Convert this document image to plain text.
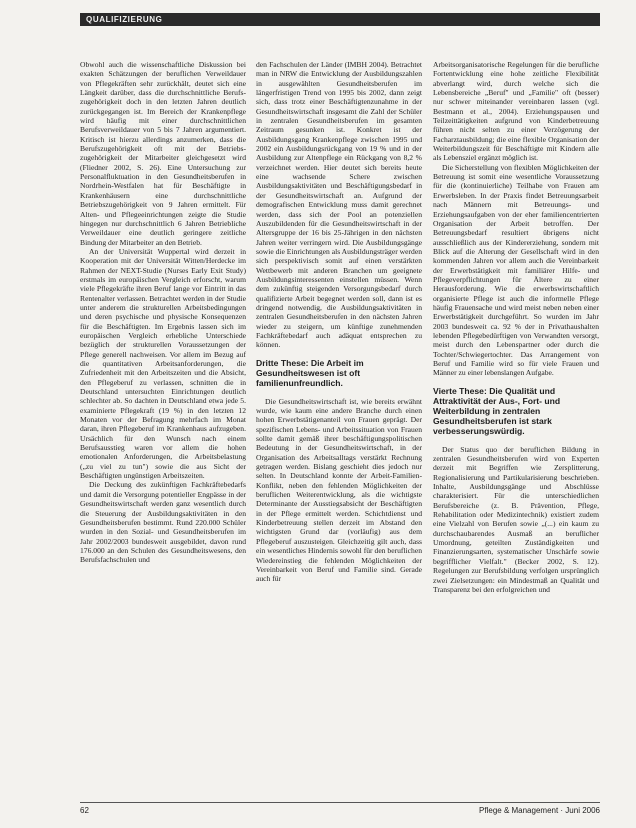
QUALIFIZIERUNG

Obwohl auch die wissenschaftliche Diskussion bei exakten Schätzungen der beruflichen Verweildauer von Pflegekräften sehr zurückhält, deutet sich eine Längkeit darüber, dass die durchschnittliche Berufs-zugehörigkeit doch in den letzten Jahren deutlich zurückgegangen ist. Im Bereich der Krankenpflege wird häufig mit einer durchschnittlichen Berufsverweildauer von 5 bis 7 Jahren argumentiert. Kritisch ist hierzu allerdings anzumerken, dass die Berufszugehörigkeit oft mit der Betriebs-zugehörigkeit der Mitarbeiter gleichgesetzt wird (Fliedner 2002, S. 26). Eine Untersuchung zur Personalfluktuation in den Gesundheitsberufen in Nordrhein-Westfalen hat für Beschäftigte in Krankenhäusern eine durchschnittliche Betriebszugehörigkeit von 9 Jahren ermittelt. Für Alten- und Pflegeeinrichtungen zeigte die Studie hingegen nur durchschnittlich 6 Jahren Betriebliche Verweildauer eine deutlich geringere zeitliche Bindung der Mitarbeiter an den Betrieb.

An der Universität Wuppertal wird derzeit in Kooperation mit der Universität Witten/Herdecke im Rahmen der NEXT-Studie (Nurses Early Exit Study) erstmals im europäischen Vergleich erforscht, warum viele Pflegekräfte ihren Beruf lange vor Eintritt in das Rentenalter verlassen. Betrachtet werden in der Studie unter anderem die strukturellen Arbeitsbedingungen und deren psychische und physische Konsequenzen für die Beschäftigten. Im Ergebnis lassen sich im europäischen Vergleich erhebliche Unterschiede bezüglich der strukturellen Voraussetzungen der Pflege generell nachweisen. Vor allem im Bezug auf die quantitativen Arbeitsanforderungen, die Zufriedenheit mit den Arbeitszeiten und die Absicht, den Pflegeberuf zu verlassen, schnitten die in Deutschland untersuchten Einrichtungen deutlich schlechter ab. So dachten in Deutschland etwa jede 5. examinierte Pflegekraft (19 %) in den letzten 12 Monaten vor der Befragung mehrfach im Monat daran, ihren Pflegeberuf im Krankenhaus aufzugeben. Ursächlich für den Wunsch nach einem Berufsausstieg waren vor allem die hohen emotionalen Anforderungen, die Arbeitsbelastung („zu viel zu tun") sowie die aus Sicht der Beschäftigten ungünstigen Arbeitszeiten.

Die Deckung des zukünftigen Fachkräftebedarfs und damit die Versorgung potentieller Engpässe in der Gesundheitswirtschaft werden ganz wesentlich durch die Steuerung der Ausbildungsaktivitäten in den Gesundheitsberufen bestimmt. Rund 220.000 Schüler wurden in den Sozial- und Gesundheitsberufen im Jahr 2002/2003 bundesweit ausgebildet, davon rund 176.000 an den Schulen des Gesundheitswesens, den Berufsfachschulen und

den Fachschulen der Länder (IMBH 2004). Betrachtet man in NRW die Entwicklung der Ausbildungszahlen in ausgewählten Gesundheitsberufen im längerfristigen Trend von 1995 bis 2002, dann zeigt sich, dass trotz einer Beschäftigtenzunahme in der Gesundheitswirtschaft insgesamt die Zahl der Schüler in zentralen Gesundheitsberufen im gesamten Zeitraum gesunken ist. Konkret ist der Ausbildungsgang Krankenpflege zwischen 1995 und 2002 ein Ausbildungsrückgang von 19 % und in der Ausbildung zur Altenpflege ein Rückgang von 8,2 % verzeichnet werden. Hier deutet sich bereits heute eine wachsende Schere zwischen Ausbildungsaktivitäten und Beschäftigungsbedarf in der Gesundheitswirtschaft an. Aufgrund der demografischen Entwicklung muss damit gerechnet werden, dass sich der Pool an potenziellen Auszubildenden für die Gesundheitswirtschaft in der Altersgruppe der 16 bis 25-Jährigen in den nächsten Jahren weiter verringern wird. Die Ausbildungsgänge sowie die Einrichtungen als Ausbildungsträger werden sich perspektivisch somit auf einen verstärkten Wettbewerb mit anderen Branchen um geeignete Ausbildungsinteressenten einstellen müssen. Wenn dem zukünftig steigenden Versorgungsbedarf durch qualifizierte Arbeit begegnet werden soll, dann ist es dringend notwendig, die Ausbildungsaktivitäten in zentralen Gesundheitsberufen in den nächsten Jahren wieder zu steigern, um künftige zunehmenden Fachkräftebedarf auch adäquat entsprechen zu können.

Dritte These: Die Arbeit im Gesundheitswesen ist oft familienunfreundlich.

Die Gesundheitswirtschaft ist, wie bereits erwähnt wurde, wie kaum eine andere Branche durch einen hohen Erwerbstätigenanteil von Frauen geprägt. Der spezifischen Lebens- und Arbeitssituation von Frauen sollte damit gemäß ihrer beschäftigungspolitischen Bedeutung in der Gesundheitswirtschaft, in der Organisation des Arbeitsalltags verstärkt Rechnung getragen werden. Bislang geschieht dies jedoch nur selten. In Deutschland konnte der Arbeit-Familien-Konflikt, neben den fehlenden Möglichkeiten der beruflichen Weiterentwicklung, als die wichtigste Determinante der Ausstiegsabsicht der Beschäftigten in der Pflege ermittelt werden. Schichtdienst und Kinderbetreuung stellen derzeit im Abstand den wichtigsten Grund dar (vorläufig) aus dem Pflegeberuf auszusteigen. Gleichzeitig gilt auch, dass ein wesentliches Hindernis sowohl für den beruflichen Wiedereinstieg die fehlenden Möglichkeiten der Vereinbarkeit von Beruf und Familie sind. Gerade auch für

Arbeitsorganisatorische Regelungen für die berufliche Fortentwicklung eine hohe zeitliche Flexibilität abverlangt wird, durch welche sich die Lebensbereiche „Beruf" und „Familie" oft (besser) nur schwer miteinander vereinbaren lassen (vgl. Bestmann et al., 2004). Erziehungspausen und Teilzeittätigkeiten aufgrund von Kinderbetreuung führen nicht selten zu einer Verzögerung der Facharztausbildung; die eine flexible Organisation der Weiterbildungszeit für Beschäftigte mit Kindern alle als Lebensziel ergänzt möglich ist.

Die Sicherstellung von flexiblen Möglichkeiten der Betreuung ist somit eine wesentliche Voraussetzung für die (kontinuierliche) Teilhabe von Frauen am Erwerbsleben. In der Praxis findet Betreuungsarbeit nach Männern mit Betreuungs- und Erziehungsaufgaben von der eher familiencentrierten Organisation der Arbeit betroffen. Der Betreuungsbedarf resultiert übrigens nicht ausschließlich aus der Kindererziehung, sondern mit Blick auf die Alterung der Gesellschaft wird in den kommenden Jahren vor allem auch die Vereinbarkeit der Erwerbstätigkeit mit familiärer Hilfe- und Pflegeverpflichtungen für Ältere zu einer Herausforderung. Wie die erwerbswirtschaftlich organisierte Pflege ist auch die informelle Pflege häufig Frauensache und wird meist neben neben einer Erwerbstätigkeit durchgeführt. So wurden im Jahr 2003 bundesweit ca. 92 % der in Privathaushalten lebenden Pflegebedürftigen von Verwandten versorgt, meist durch den Lebenspartner oder durch die Tochter/Schwiegertochter. Das Arrangement von Beruf und Familie wird so für viele Frauen und Männer zu einer lebenslangen Aufgabe.

Vierte These: Die Qualität und Attraktivität der Aus-, Fort- und Weiterbildung in zentralen Gesundheitsberufen ist stark verbesserungswürdig.

Der Status quo der beruflichen Bildung in zentralen Gesundheitsberufen wird von Experten derzeit mit Begriffen wie Zersplitterung, Regionalisierung und Partikularisierung beschrieben. Inhalte, Ausbildungsgänge und Abschlüsse charakterisiert. Für die unterschiedlichen Berufsbereiche (z. B. Prävention, Pflege, Rehabilitation oder Medizintechnik) existiert zudem eine Vielzahl von Berufen sowie „(...) ein kaum zu durchschaubarendes Ausmaß an beruflicher Umordnung, geteilten Zuständigkeiten und Finanzierungsarten, systematischer Unschärfe sowie begrifflicher Vielfalt." (Becker 2002, S. 12). Regelungen zur Berufsbildung verfolgen ursprünglich zwei Zielsetzungen: ein Mindestmaß an Qualität und Transparenz bei den erfolgreichen und

62	Pflege & Management · Juni 2006
